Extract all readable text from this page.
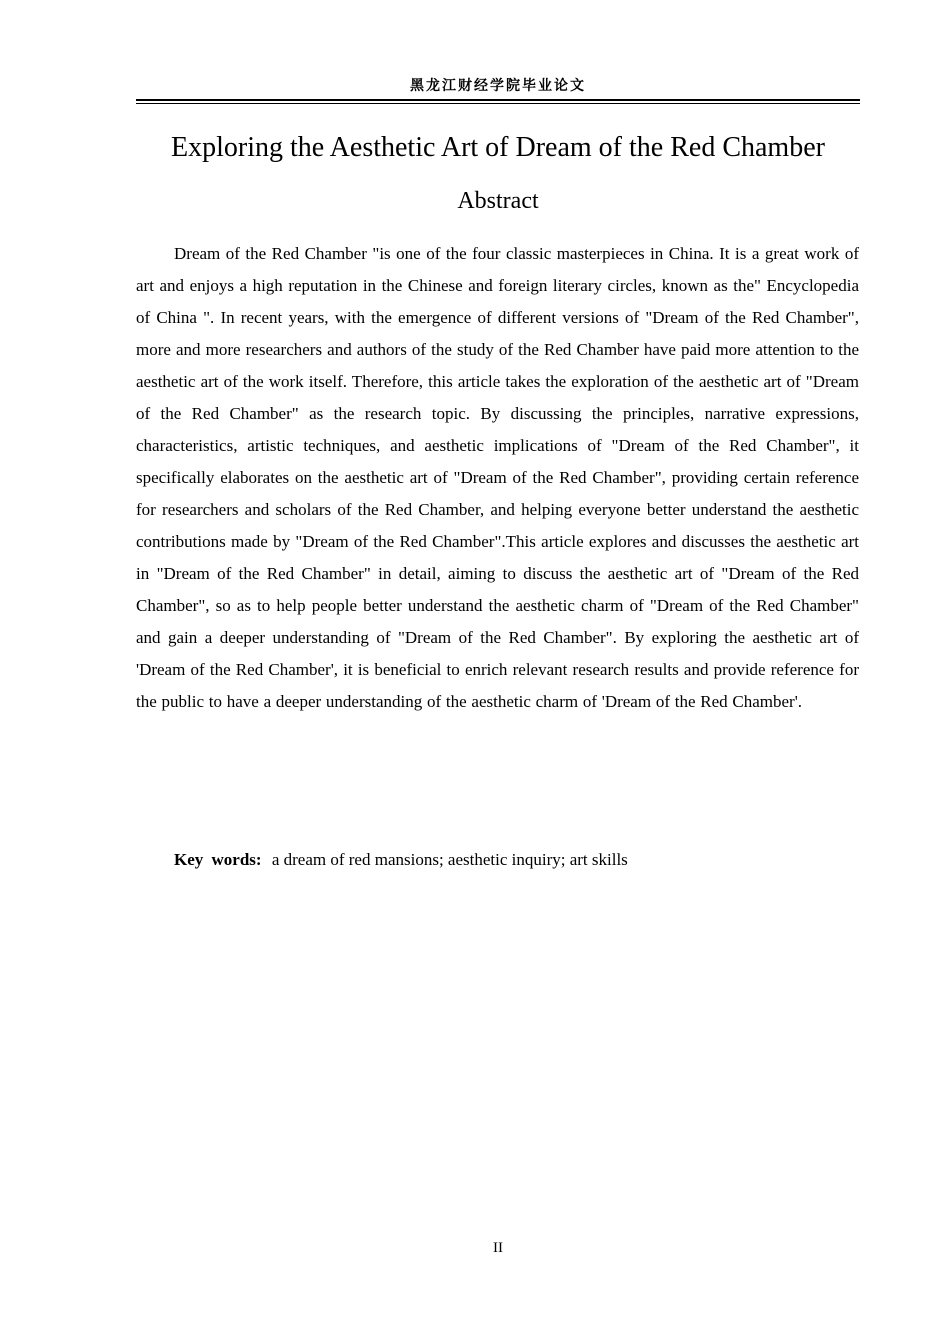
黑龙江财经学院毕业论文
Exploring the Aesthetic Art of Dream of the Red Chamber
Abstract

Dream of the Red Chamber "is one of the four classic masterpieces in China. It is a great work of art and enjoys a high reputation in the Chinese and foreign literary circles, known as the" Encyclopedia of China ". In recent years, with the emergence of different versions of "Dream of the Red Chamber", more and more researchers and authors of the study of the Red Chamber have paid more attention to the aesthetic art of the work itself. Therefore, this article takes the exploration of the aesthetic art of "Dream of the Red Chamber" as the research topic. By discussing the principles, narrative expressions, characteristics, artistic techniques, and aesthetic implications of "Dream of the Red Chamber", it specifically elaborates on the aesthetic art of "Dream of the Red Chamber", providing certain reference for researchers and scholars of the Red Chamber, and helping everyone better understand the aesthetic contributions made by "Dream of the Red Chamber".This article explores and discusses the aesthetic art in "Dream of the Red Chamber" in detail, aiming to discuss the aesthetic art of "Dream of the Red Chamber", so as to help people better understand the aesthetic charm of "Dream of the Red Chamber" and gain a deeper understanding of "Dream of the Red Chamber". By exploring the aesthetic art of 'Dream of the Red Chamber', it is beneficial to enrich relevant research results and provide reference for the public to have a deeper understanding of the aesthetic charm of 'Dream of the Red Chamber'.

Key words: a dream of red mansions; aesthetic inquiry; art skills
II
